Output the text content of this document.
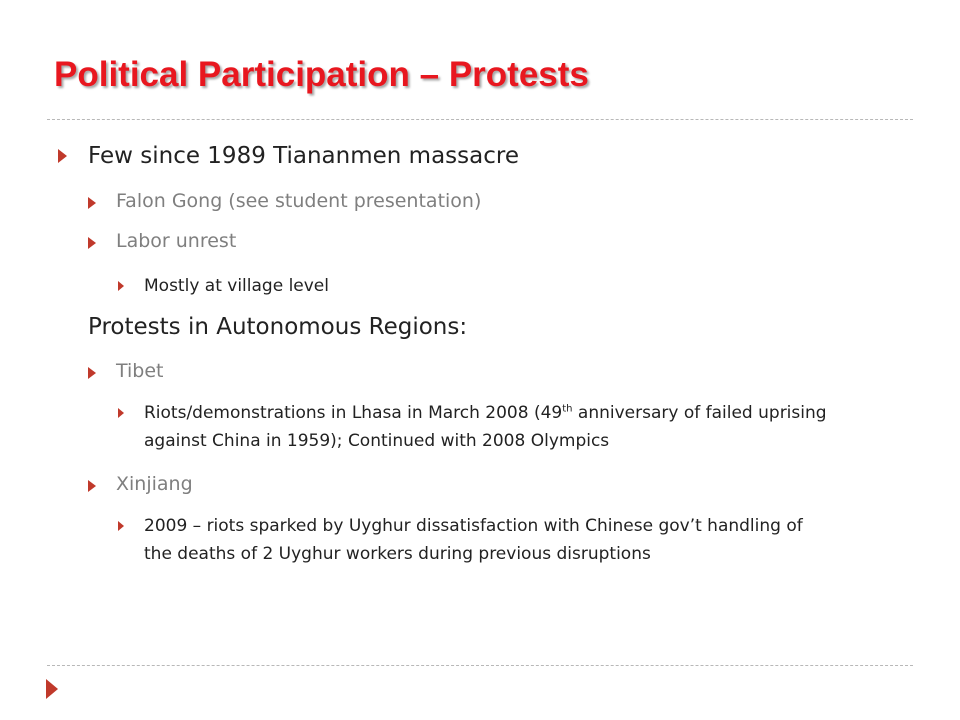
Political Participation – Protests
Few since 1989 Tiananmen massacre
Falon Gong (see student presentation)
Labor unrest
Mostly at village level
Protests in Autonomous Regions:
Tibet
Riots/demonstrations in Lhasa in March 2008 (49th anniversary of failed uprising against China in 1959); Continued with 2008 Olympics
Xinjiang
2009 – riots sparked by Uyghur dissatisfaction with Chinese gov’t handling of the deaths of 2 Uyghur workers during previous disruptions
